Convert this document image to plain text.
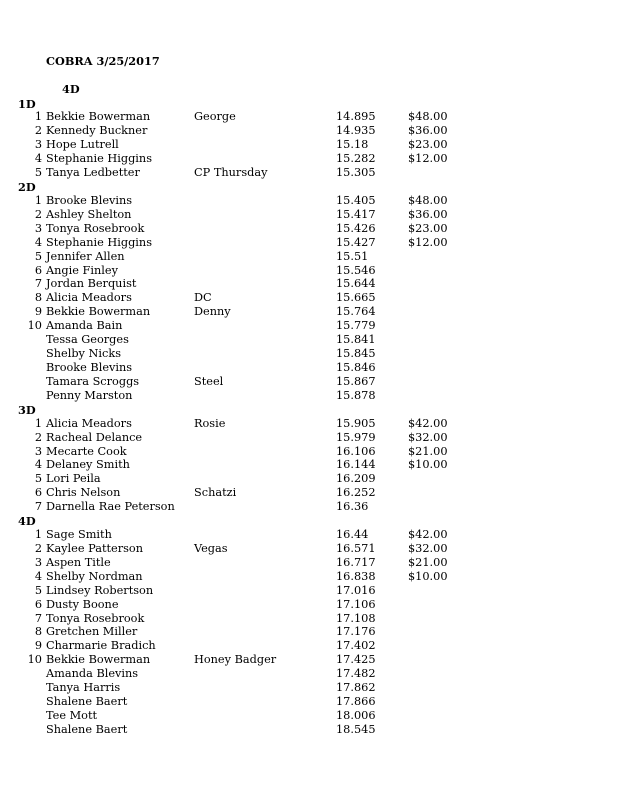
COBRA 3/25/2017
4D
1D
1 Bekkie Bowerman	George	14.895	$48.00
2 Kennedy Buckner	14.935	$36.00
3 Hope Lutrell	15.18	$23.00
4 Stephanie Higgins	15.282	$12.00
5 Tanya Ledbetter	CP Thursday	15.305
2D
1 Brooke Blevins	15.405	$48.00
2 Ashley Shelton	15.417	$36.00
3 Tonya Rosebrook	15.426	$23.00
4 Stephanie Higgins	15.427	$12.00
5 Jennifer Allen	15.51
6 Angie Finley	15.546
7 Jordan Berquist	15.644
8 Alicia Meadors	DC	15.665
9 Bekkie Bowerman	Denny	15.764
10 Amanda Bain	15.779
Tessa Georges	15.841
Shelby Nicks	15.845
Brooke Blevins	15.846
Tamara Scroggs	Steel	15.867
Penny Marston	15.878
3D
1 Alicia Meadors	Rosie	15.905	$42.00
2 Racheal Delance	15.979	$32.00
3 Mecarte Cook	16.106	$21.00
4 Delaney Smith	16.144	$10.00
5 Lori Peila	16.209
6 Chris Nelson	Schatzi	16.252
7 Darnella Rae Peterson	16.36
4D
1 Sage Smith	16.44	$42.00
2 Kaylee Patterson	Vegas	16.571	$32.00
3 Aspen Title	16.717	$21.00
4 Shelby Nordman	16.838	$10.00
5 Lindsey Robertson	17.016
6 Dusty Boone	17.106
7 Tonya Rosebrook	17.108
8 Gretchen Miller	17.176
9 Charmarie Bradich	17.402
10 Bekkie Bowerman	Honey Badger	17.425
Amanda Blevins	17.482
Tanya Harris	17.862
Shalene Baert	17.866
Tee Mott	18.006
Shalene Baert	18.545
